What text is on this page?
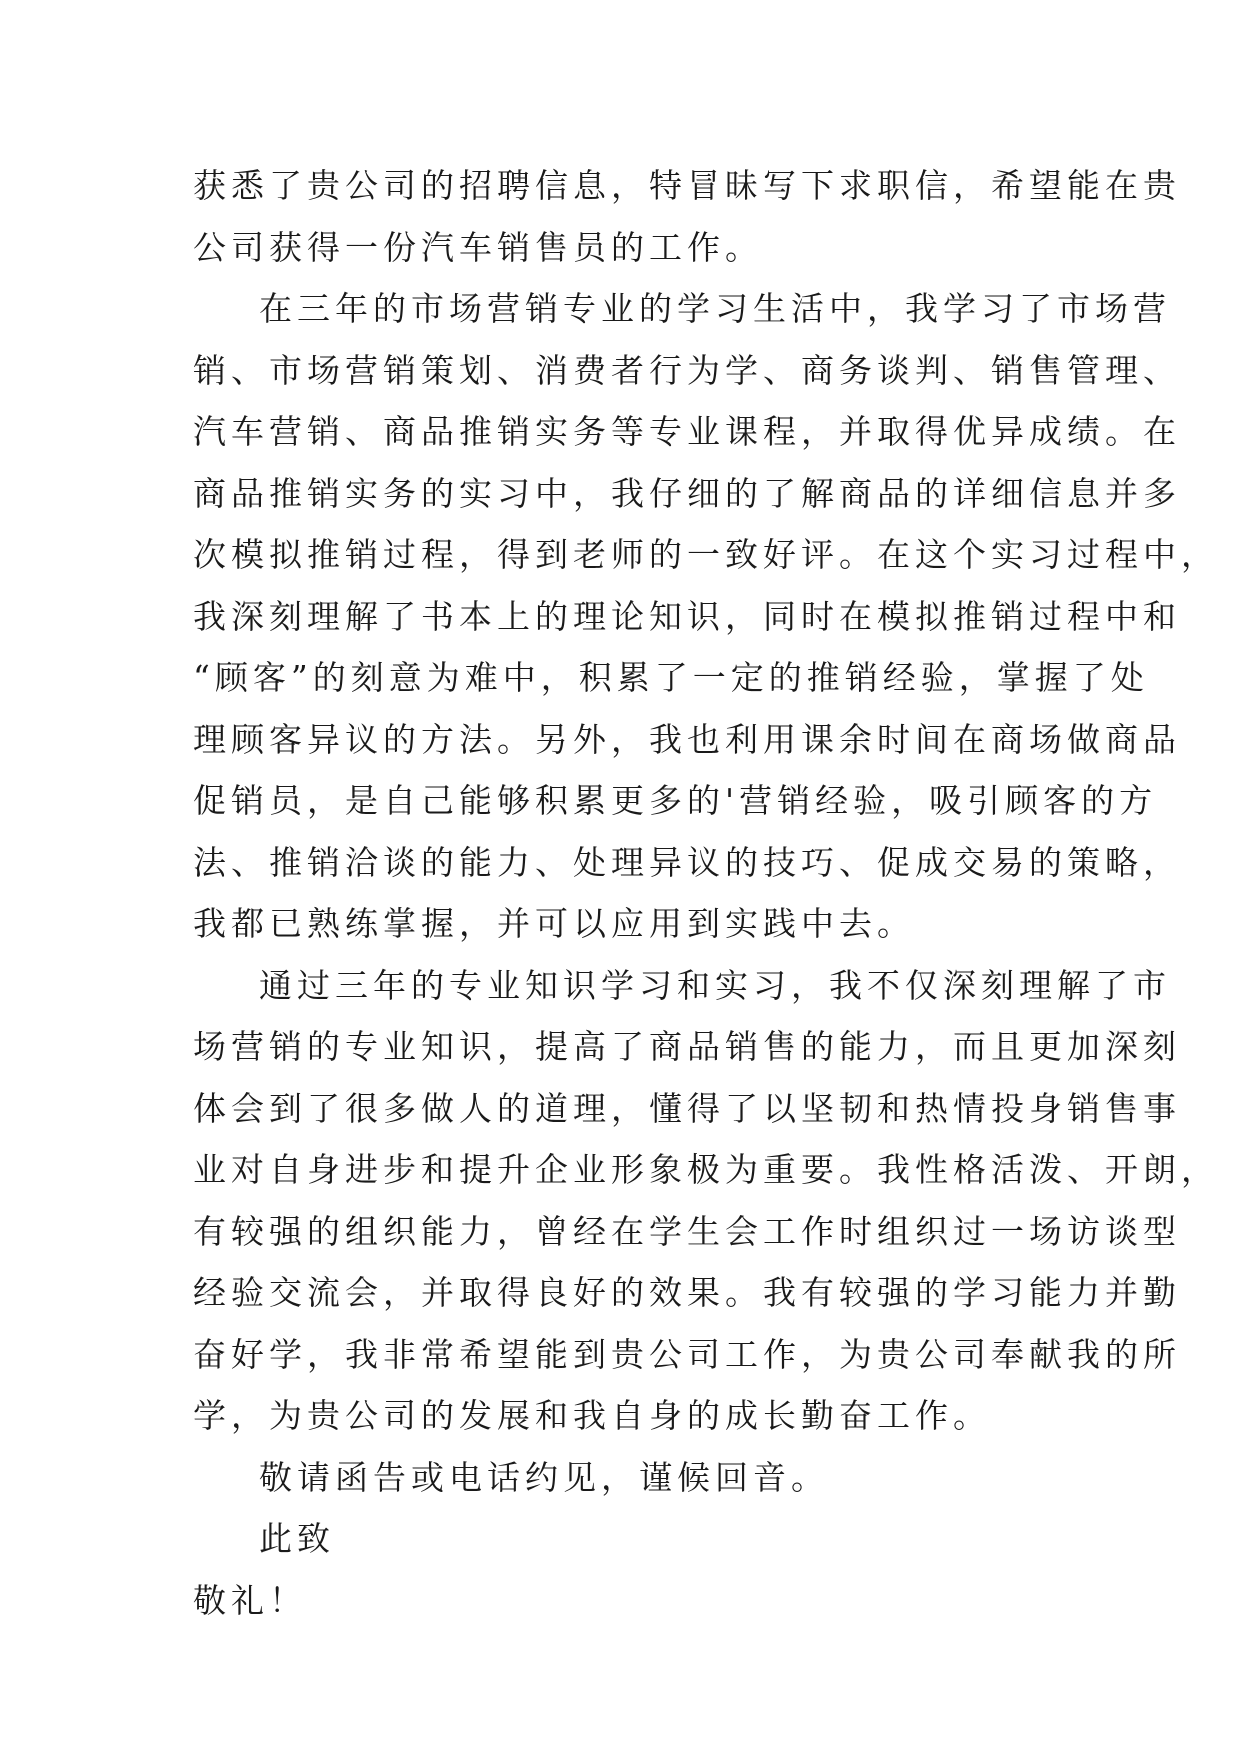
获悉了贵公司的招聘信息，特冒昧写下求职信，希望能在贵
公司获得一份汽车销售员的工作。
在三年的市场营销专业的学习生活中，我学习了市场营
销、市场营销策划、消费者行为学、商务谈判、销售管理、
汽车营销、商品推销实务等专业课程，并取得优异成绩。在
商品推销实务的实习中，我仔细的了解商品的详细信息并多
次模拟推销过程，得到老师的一致好评。在这个实习过程中，
我深刻理解了书本上的理论知识，同时在模拟推销过程中和
“顾客”的刻意为难中，积累了一定的推销经验，掌握了处
理顾客异议的方法。另外，我也利用课余时间在商场做商品
促销员，是自己能够积累更多的'营销经验，吸引顾客的方
法、推销洽谈的能力、处理异议的技巧、促成交易的策略，
我都已熟练掌握，并可以应用到实践中去。
通过三年的专业知识学习和实习，我不仅深刻理解了市
场营销的专业知识，提高了商品销售的能力，而且更加深刻
体会到了很多做人的道理，懂得了以坚韧和热情投身销售事
业对自身进步和提升企业形象极为重要。我性格活泼、开朗，
有较强的组织能力，曾经在学生会工作时组织过一场访谈型
经验交流会，并取得良好的效果。我有较强的学习能力并勤
奋好学，我非常希望能到贵公司工作，为贵公司奉献我的所
学，为贵公司的发展和我自身的成长勤奋工作。
敬请函告或电话约见，谨候回音。
此致
敬礼！
